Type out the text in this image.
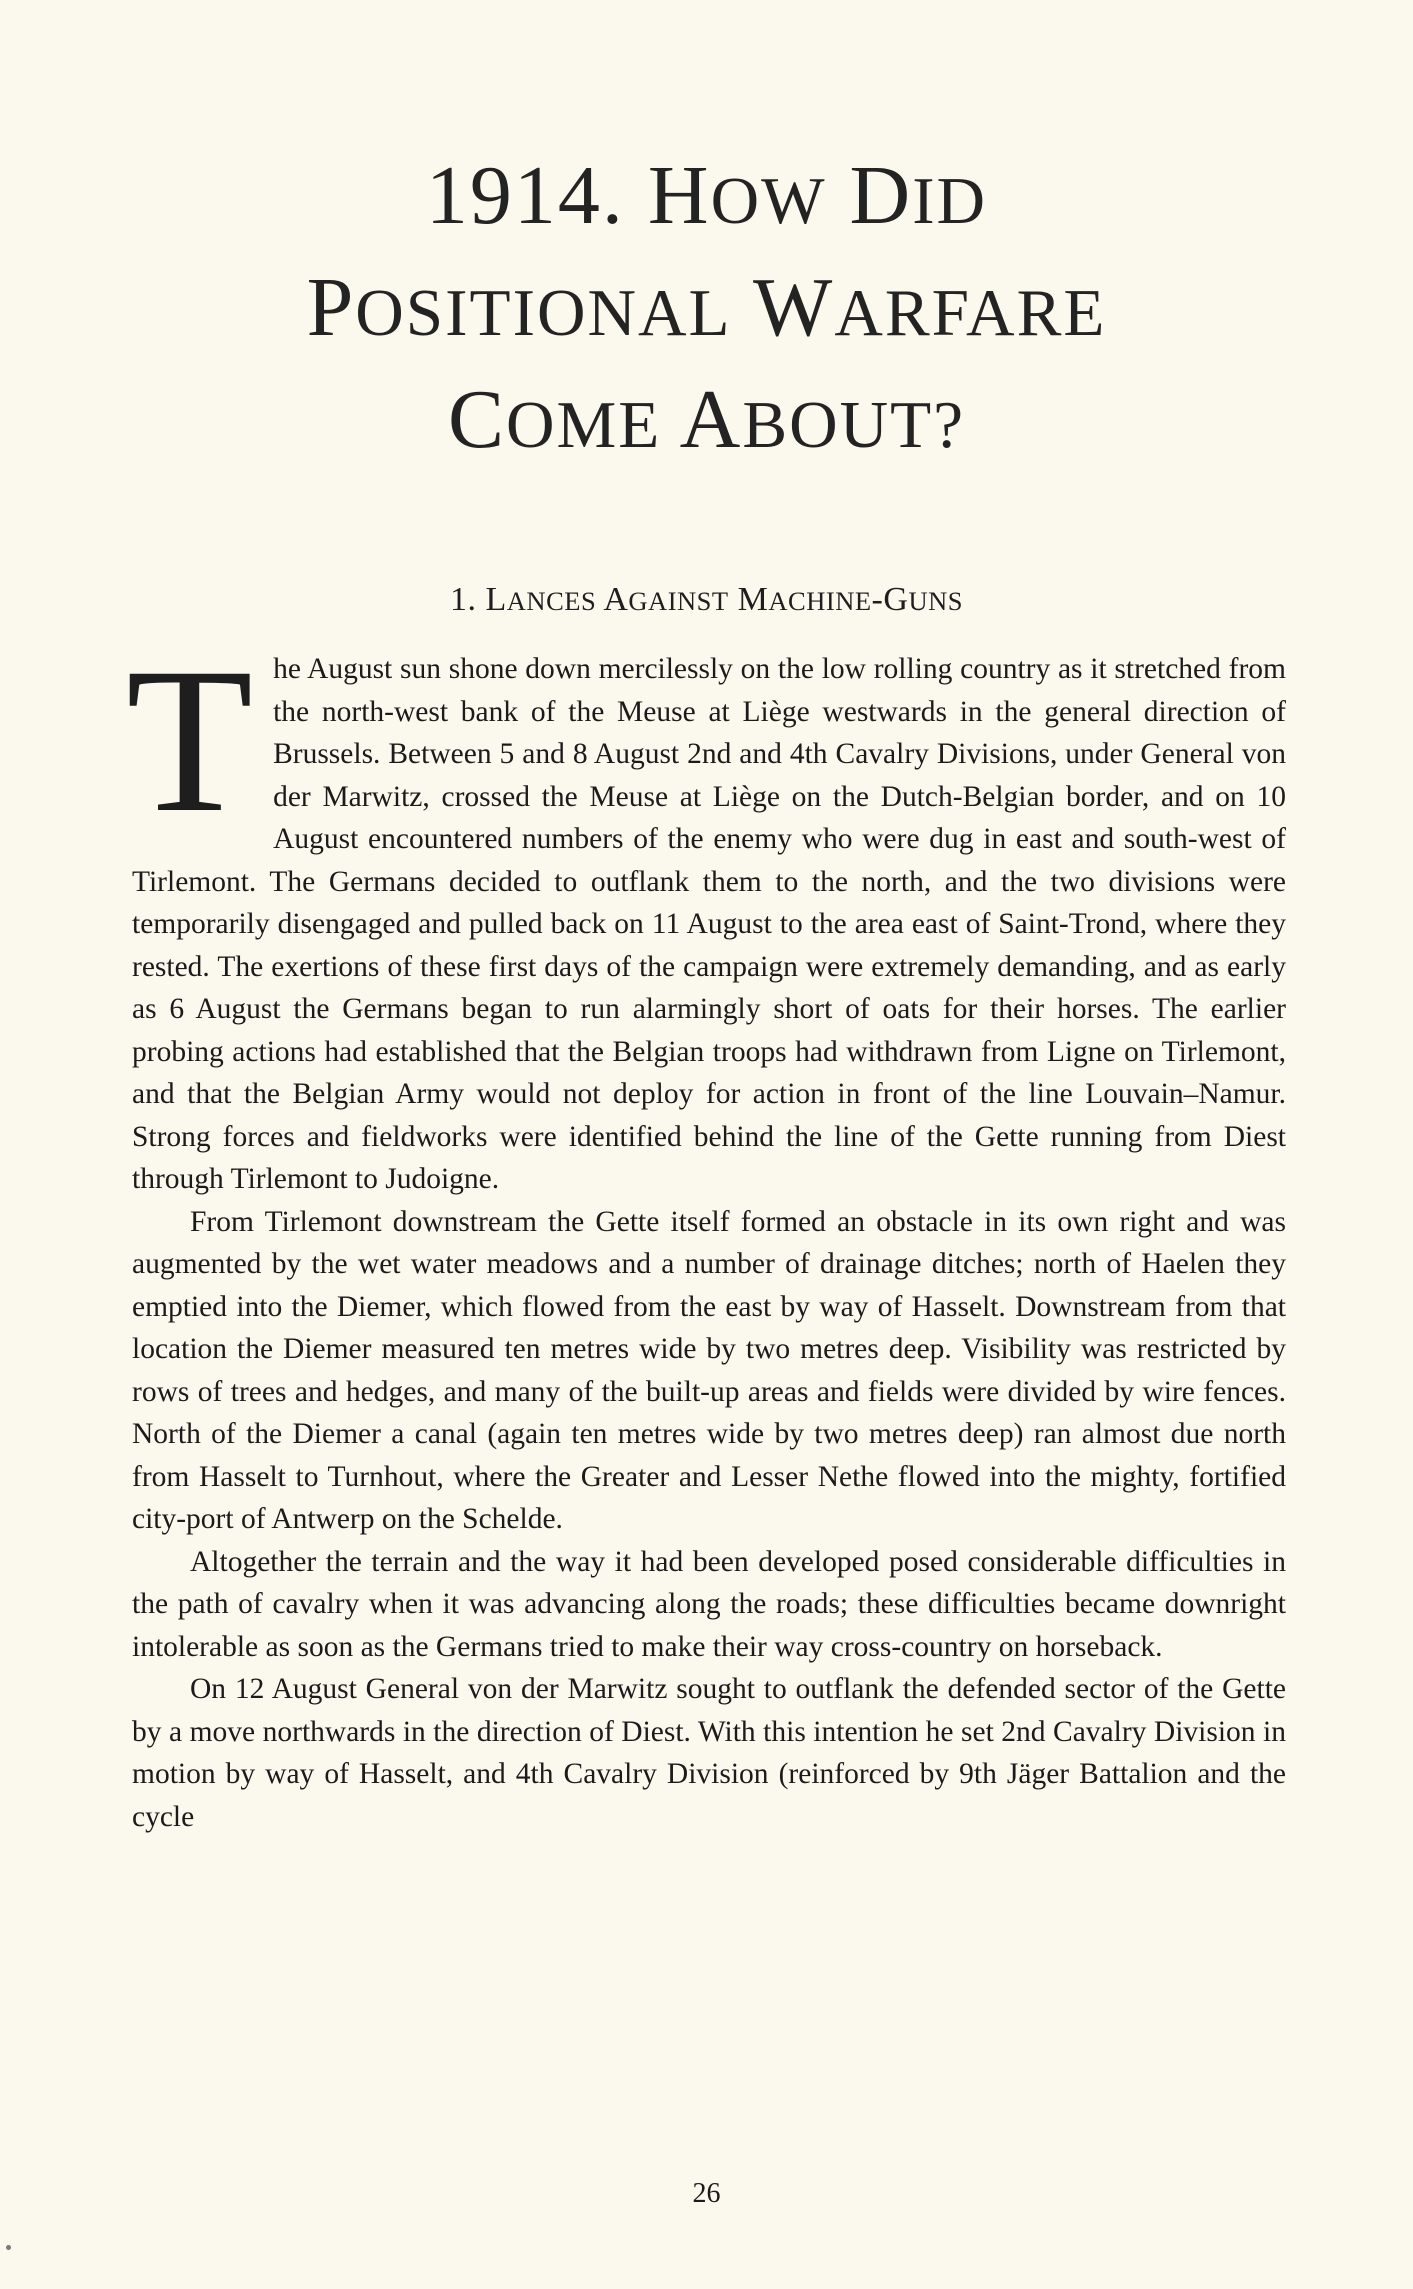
1914. HOW DID
POSITIONAL WARFARE
COME ABOUT?
1. LANCES AGAINST MACHINE-GUNS

The August sun shone down mercilessly on the low rolling country as it stretched from the north-west bank of the Meuse at Liège westwards in the general direction of Brussels. Between 5 and 8 August 2nd and 4th Cavalry Divisions, under General von der Marwitz, crossed the Meuse at Liège on the Dutch-Belgian border, and on 10 August encountered numbers of the enemy who were dug in east and south-west of Tirlemont. The Germans decided to outflank them to the north, and the two divisions were temporarily disengaged and pulled back on 11 August to the area east of Saint-Trond, where they rested. The exertions of these first days of the campaign were extremely demanding, and as early as 6 August the Germans began to run alarmingly short of oats for their horses. The earlier probing actions had established that the Belgian troops had withdrawn from Ligne on Tirlemont, and that the Belgian Army would not deploy for action in front of the line Louvain–Namur. Strong forces and fieldworks were identified behind the line of the Gette running from Diest through Tirlemont to Judoigne.

From Tirlemont downstream the Gette itself formed an obstacle in its own right and was augmented by the wet water meadows and a number of drainage ditches; north of Haelen they emptied into the Diemer, which flowed from the east by way of Hasselt. Downstream from that location the Diemer measured ten metres wide by two metres deep. Visibility was restricted by rows of trees and hedges, and many of the built-up areas and fields were divided by wire fences. North of the Diemer a canal (again ten metres wide by two metres deep) ran almost due north from Hasselt to Turnhout, where the Greater and Lesser Nethe flowed into the mighty, fortified city-port of Antwerp on the Schelde.

Altogether the terrain and the way it had been developed posed considerable difficulties in the path of cavalry when it was advancing along the roads; these difficulties became downright intolerable as soon as the Germans tried to make their way cross-country on horseback.

On 12 August General von der Marwitz sought to outflank the defended sector of the Gette by a move northwards in the direction of Diest. With this intention he set 2nd Cavalry Division in motion by way of Hasselt, and 4th Cavalry Division (reinforced by 9th Jäger Battalion and the cycle

26
